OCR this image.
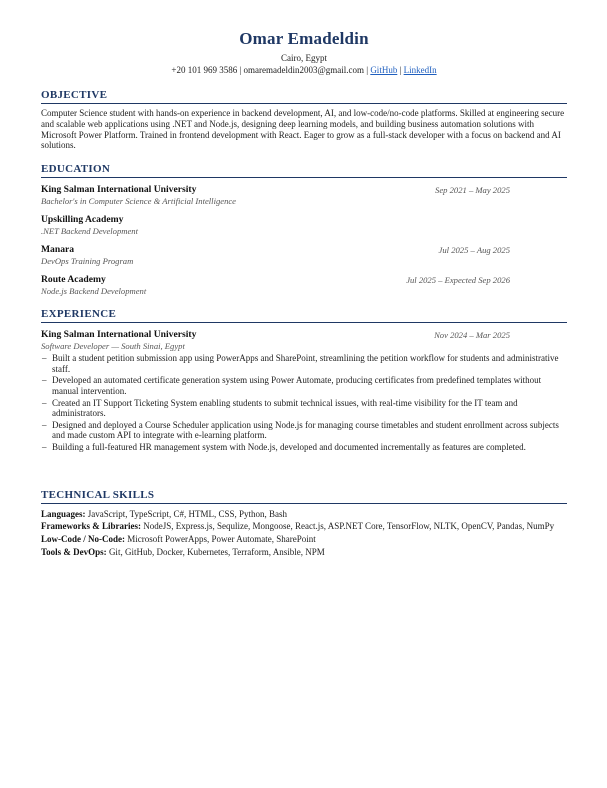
Omar Emadeldin
Cairo, Egypt
+20 101 969 3586 | omaremadeldin2003@gmail.com | GitHub | LinkedIn
OBJECTIVE
Computer Science student with hands-on experience in backend development, AI, and low-code/no-code platforms. Skilled at engineering secure and scalable web applications using .NET and Node.js, designing deep learning models, and building business automation solutions with Microsoft Power Platform. Trained in frontend development with React. Eager to grow as a full-stack developer with a focus on backend and AI solutions.
EDUCATION
King Salman International University
Bachelor's in Computer Science & Artificial Intelligence
Sep 2021 – May 2025
Upskilling Academy
.NET Backend Development
Manara
DevOps Training Program
Jul 2025 – Aug 2025
Route Academy
Node.js Backend Development
Jul 2025 – Expected Sep 2026
EXPERIENCE
King Salman International University
Software Developer — South Sinai, Egypt
Nov 2024 – Mar 2025
– Built a student petition submission app using PowerApps and SharePoint, streamlining the petition workflow for students and administrative staff.
– Developed an automated certificate generation system using Power Automate, producing certificates from predefined templates without manual intervention.
– Created an IT Support Ticketing System enabling students to submit technical issues, with real-time visibility for the IT team and administrators.
– Designed and deployed a Course Scheduler application using Node.js for managing course timetables and student enrollment across subjects and made custom API to integrate with e-learning platform.
– Building a full-featured HR management system with Node.js, developed and documented incrementally as features are completed.
TECHNICAL SKILLS
Languages: JavaScript, TypeScript, C#, HTML, CSS, Python, Bash
Frameworks & Libraries: NodeJS, Express.js, Sequlize, Mongoose, React.js, ASP.NET Core, TensorFlow, NLTK, OpenCV, Pandas, NumPy
Low-Code / No-Code: Microsoft PowerApps, Power Automate, SharePoint
Tools & DevOps: Git, GitHub, Docker, Kubernetes, Terraform, Ansible, NPM
